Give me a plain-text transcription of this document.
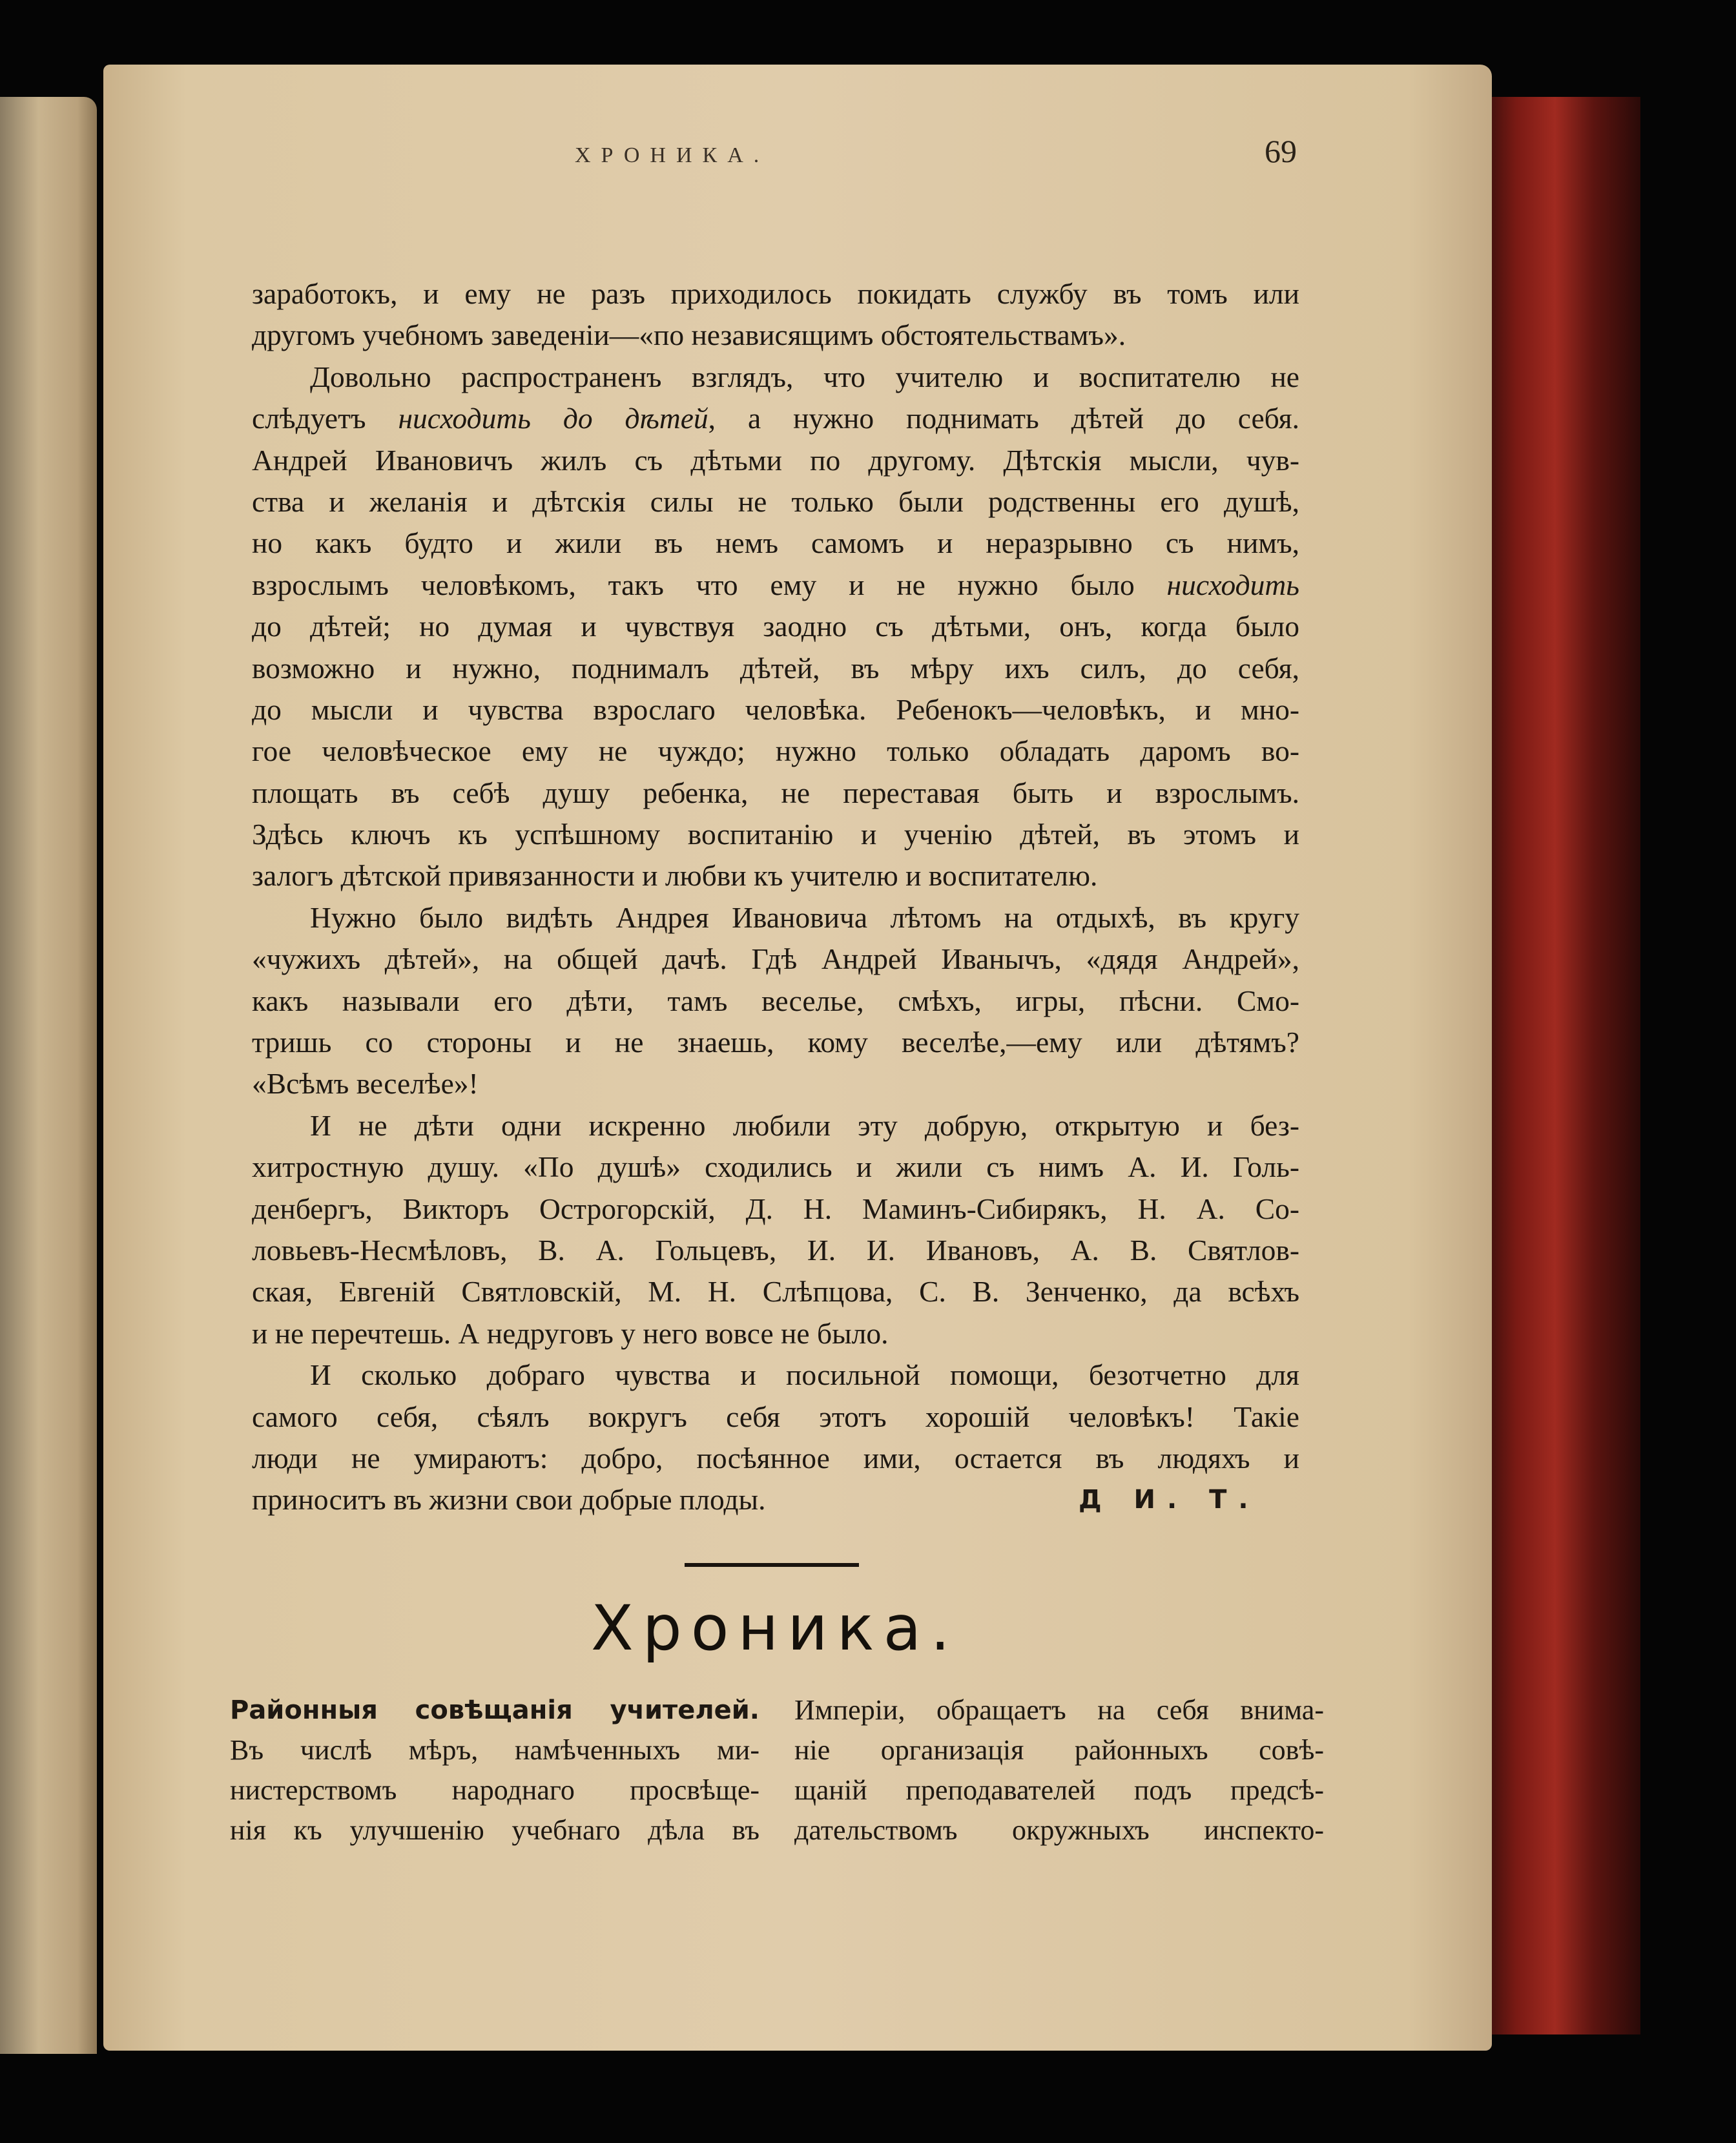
ХРОНИКА.	69
заработокъ, и ему не разъ приходилось покидать службу въ томъ или
другомъ учебномъ заведеніи—«по независящимъ обстоятельствамъ».
Довольно распространенъ взглядъ, что учителю и воспитателю не
слѣдуетъ нисходить до дѣтей, а нужно поднимать дѣтей до себя.
Андрей Ивановичъ жилъ съ дѣтьми по другому. Дѣтскія мысли, чув-
ства и желанія и дѣтскія силы не только были родственны его душѣ,
но какъ будто и жили въ немъ самомъ и неразрывно съ нимъ,
взрослымъ человѣкомъ, такъ что ему и не нужно было нисходить
до дѣтей; но думая и чувствуя заодно съ дѣтьми, онъ, когда было
возможно и нужно, поднималъ дѣтей, въ мѣру ихъ силъ, до себя,
до мысли и чувства взрослаго человѣка. Ребенокъ—человѣкъ, и мно-
гое человѣческое ему не чуждо; нужно только обладать даромъ во-
площать въ себѣ душу ребенка, не переставая быть и взрослымъ.
Здѣсь ключъ къ успѣшному воспитанію и ученію дѣтей, въ этомъ и
залогъ дѣтской привязанности и любви къ учителю и воспитателю.
Нужно было видѣть Андрея Ивановича лѣтомъ на отдыхѣ, въ кругу
«чужихъ дѣтей», на общей дачѣ. Гдѣ Андрей Иванычъ, «дядя Андрей»,
какъ называли его дѣти, тамъ веселье, смѣхъ, игры, пѣсни. Смо-
тришь со стороны и не знаешь, кому веселѣе,—ему или дѣтямъ?
«Всѣмъ веселѣе»!
И не дѣти одни искренно любили эту добрую, открытую и без-
хитростную душу. «По душѣ» сходились и жили съ нимъ А. И. Голь-
денбергъ, Викторъ Острогорскій, Д. Н. Маминъ-Сибирякъ, Н. А. Со-
ловьевъ-Несмѣловъ, В. А. Гольцевъ, И. И. Ивановъ, А. В. Святлов-
ская, Евгеній Святловскій, М. Н. Слѣпцова, С. В. Зенченко, да всѣхъ
и не перечтешь. А недруговъ у него вовсе не было.
И сколько добраго чувства и посильной помощи, безотчетно для
самого себя, сѣялъ вокругъ себя этотъ хорошій человѣкъ! Такіе
люди не умираютъ: добро, посѣянное ими, остается въ людяхъ и
приноситъ въ жизни свои добрые плоды.	Д И. Т.
Хроника.
Районныя совѣщанія учителей.
Въ числѣ мѣръ, намѣченныхъ ми-
нистерствомъ народнаго просвѣще-
нія къ улучшенію учебнаго дѣла въ
Имперіи, обращаетъ на себя внима-
ніе организація районныхъ совѣ-
щаній преподавателей подъ предсѣ-
дательствомъ окружныхъ инспекто-
